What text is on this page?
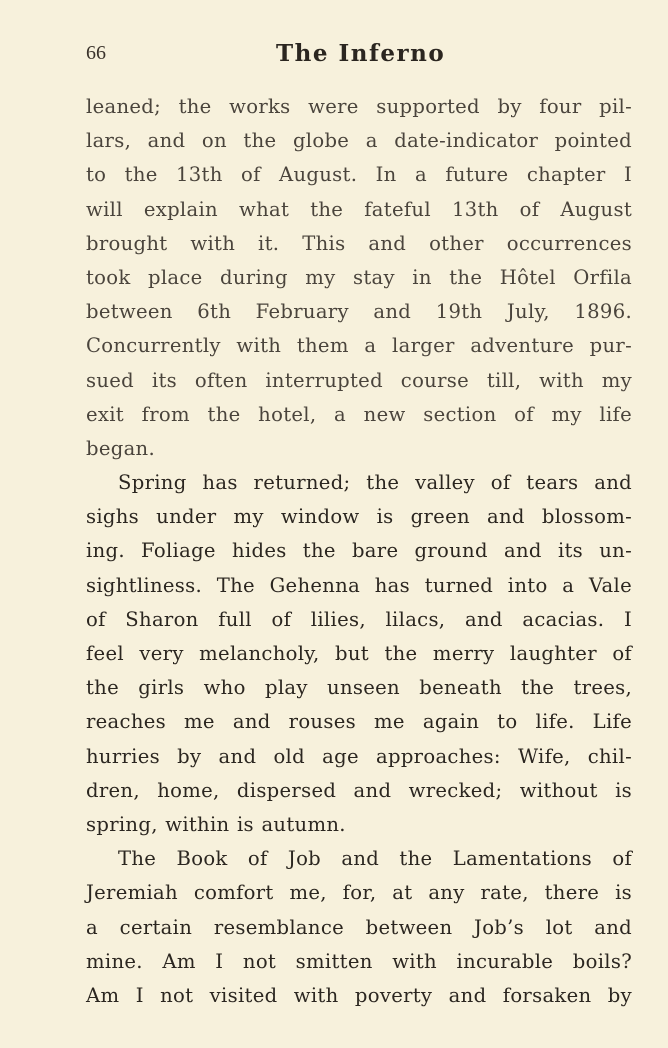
66	The Inferno
leaned; the works were supported by four pil-
lars, and on the globe a date-indicator pointed
to the 13th of August. In a future chapter I
will explain what the fateful 13th of August
brought with it. This and other occurrences
took place during my stay in the Hôtel Orfila
between 6th February and 19th July, 1896.
Concurrently with them a larger adventure pur-
sued its often interrupted course till, with my
exit from the hotel, a new section of my life
began.
Spring has returned; the valley of tears and
sighs under my window is green and blossom-
ing. Foliage hides the bare ground and its un-
sightliness. The Gehenna has turned into a Vale
of Sharon full of lilies, lilacs, and acacias. I
feel very melancholy, but the merry laughter of
the girls who play unseen beneath the trees,
reaches me and rouses me again to life. Life
hurries by and old age approaches: Wife, chil-
dren, home, dispersed and wrecked; without is
spring, within is autumn.
The Book of Job and the Lamentations of
Jeremiah comfort me, for, at any rate, there is
a certain resemblance between Job’s lot and
mine. Am I not smitten with incurable boils?
Am I not visited with poverty and forsaken by
